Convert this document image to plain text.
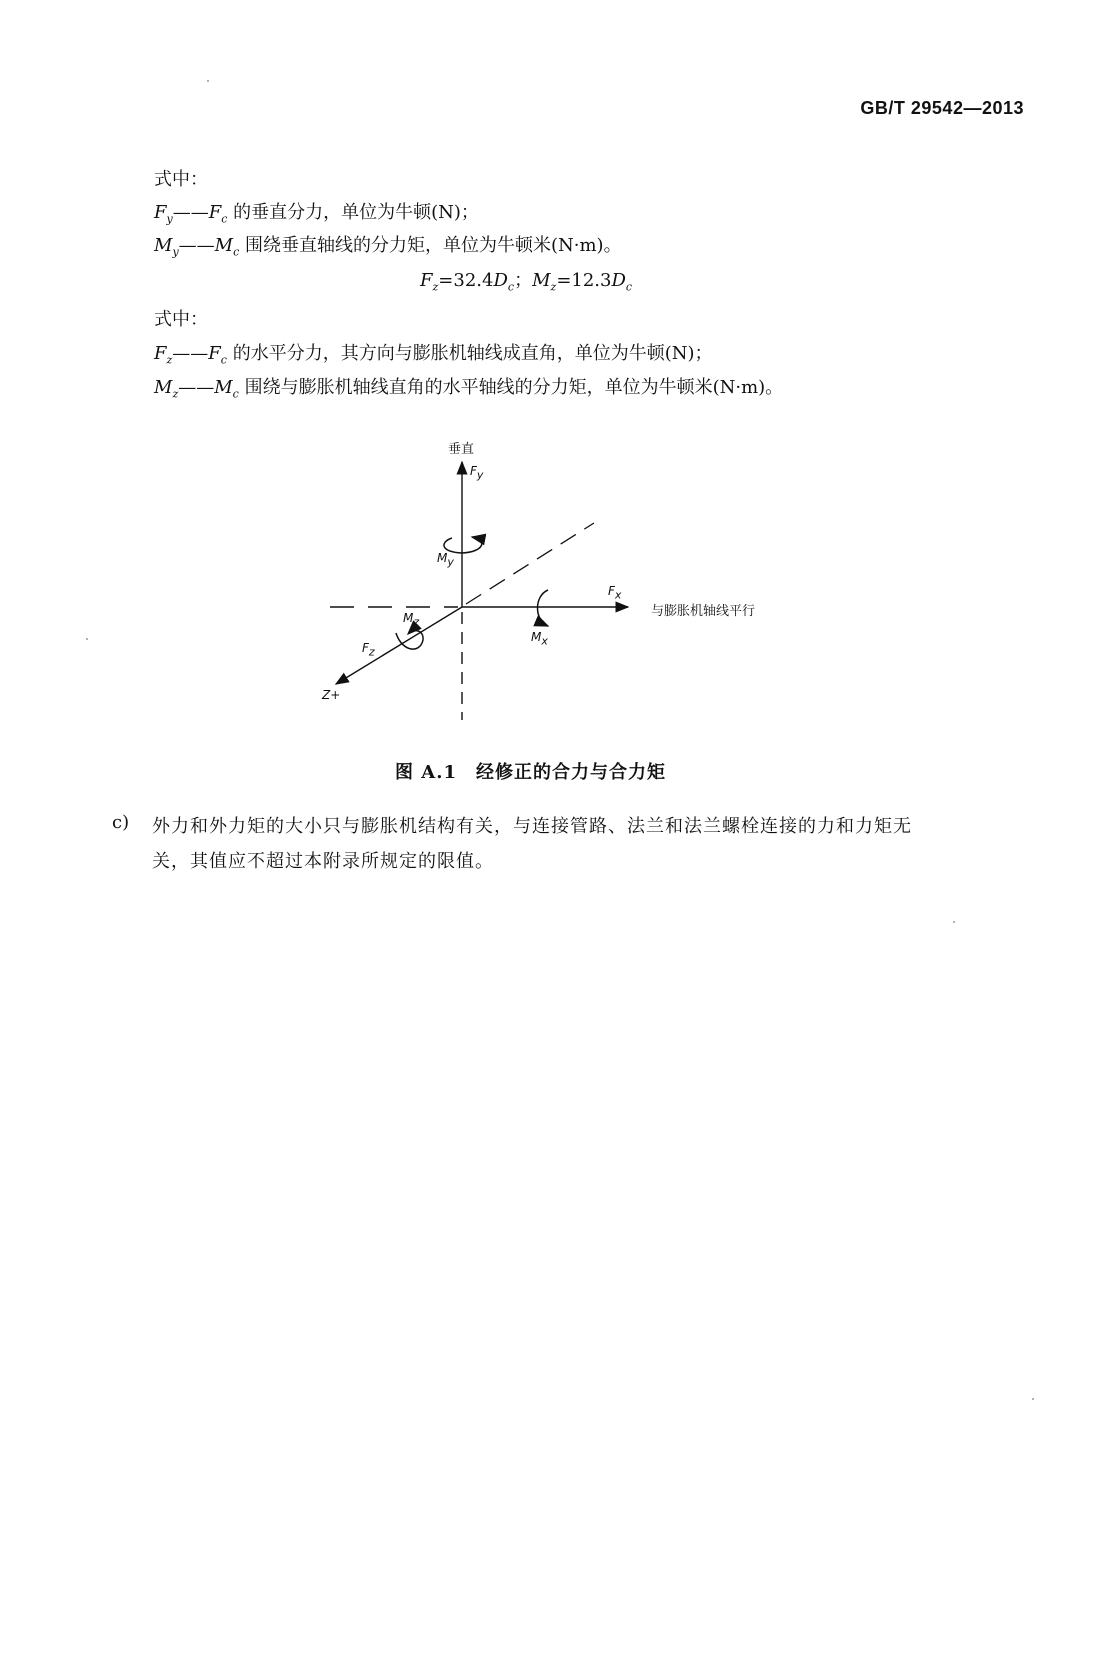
GB/T 29542—2013
式中：
$F_y——F_c$ 的垂直分力，单位为牛顿(N)；
$M_y——M_c$ 围绕垂直轴线的分力矩，单位为牛顿米(N·m)。
$F_z=32.4D_c$；$M_z=12.3D_c$
式中：
$F_z——F_c$ 的水平分力，其方向与膨胀机轴线成直角，单位为牛顿(N)；
$M_z——M_c$ 围绕与膨胀机轴线直角的水平轴线的分力矩，单位为牛顿米(N·m)。
垂直
$F_y$
$M_y$
$F_x$
与膨胀机轴线平行
$M_x$
$M_z$
$F_z$
Z+
图 A.1　经修正的合力与合力矩
c) 外力和外力矩的大小只与膨胀机结构有关，与连接管路、法兰和法兰螺栓连接的力和力矩无
关，其值应不超过本附录所规定的限值。
